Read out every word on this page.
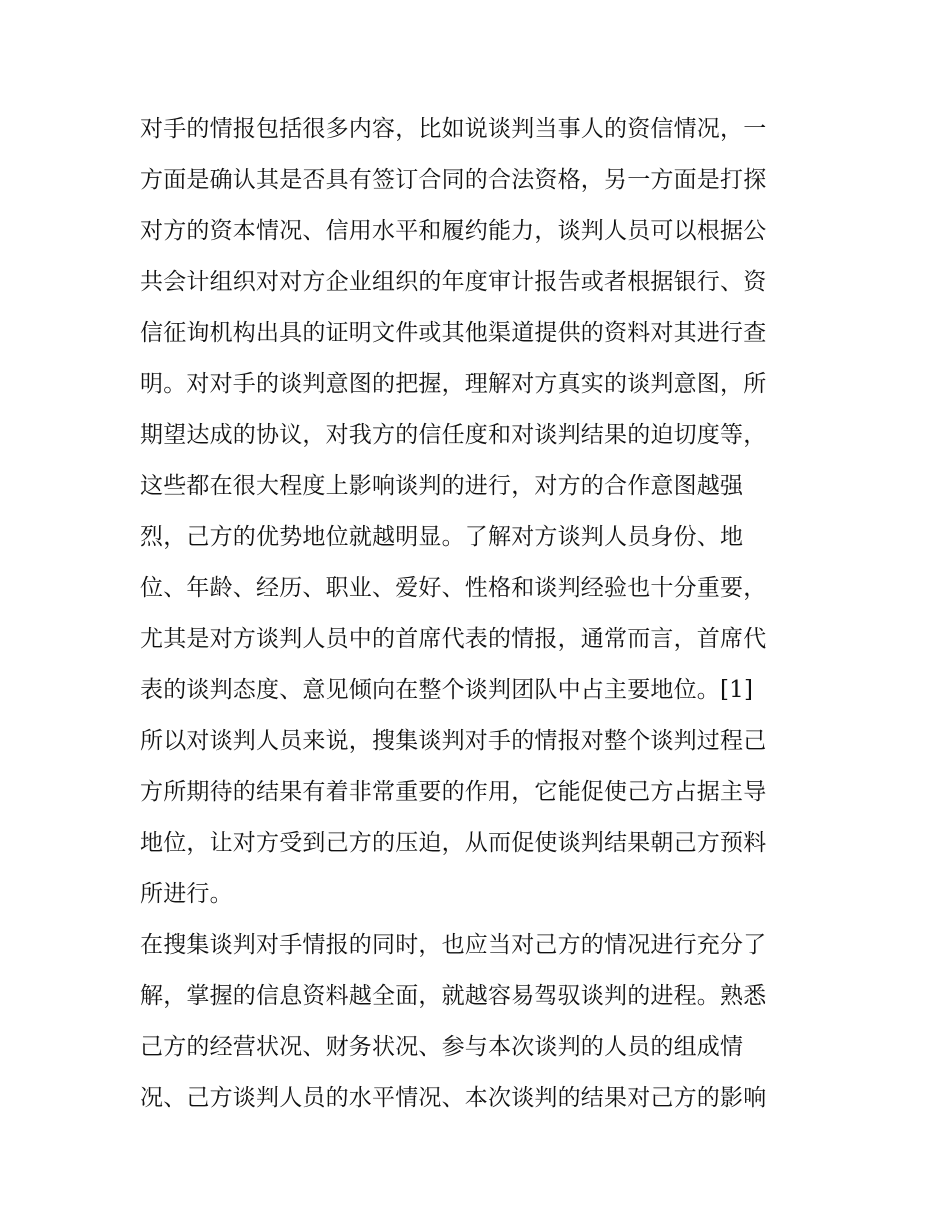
对手的情报包括很多内容，比如说谈判当事人的资信情况，一
方面是确认其是否具有签订合同的合法资格，另一方面是打探
对方的资本情况、信用水平和履约能力，谈判人员可以根据公
共会计组织对对方企业组织的年度审计报告或者根据银行、资
信征询机构出具的证明文件或其他渠道提供的资料对其进行查
明。对对手的谈判意图的把握，理解对方真实的谈判意图，所
期望达成的协议，对我方的信任度和对谈判结果的迫切度等，
这些都在很大程度上影响谈判的进行，对方的合作意图越强
烈，己方的优势地位就越明显。了解对方谈判人员身份、地
位、年龄、经历、职业、爱好、性格和谈判经验也十分重要，
尤其是对方谈判人员中的首席代表的情报，通常而言，首席代
表的谈判态度、意见倾向在整个谈判团队中占主要地位。[1]
所以对谈判人员来说，搜集谈判对手的情报对整个谈判过程己
方所期待的结果有着非常重要的作用，它能促使己方占据主导
地位，让对方受到己方的压迫，从而促使谈判结果朝己方预料
所进行。
在搜集谈判对手情报的同时，也应当对己方的情况进行充分了
解，掌握的信息资料越全面，就越容易驾驭谈判的进程。熟悉
己方的经营状况、财务状况、参与本次谈判的人员的组成情
况、己方谈判人员的水平情况、本次谈判的结果对己方的影响
